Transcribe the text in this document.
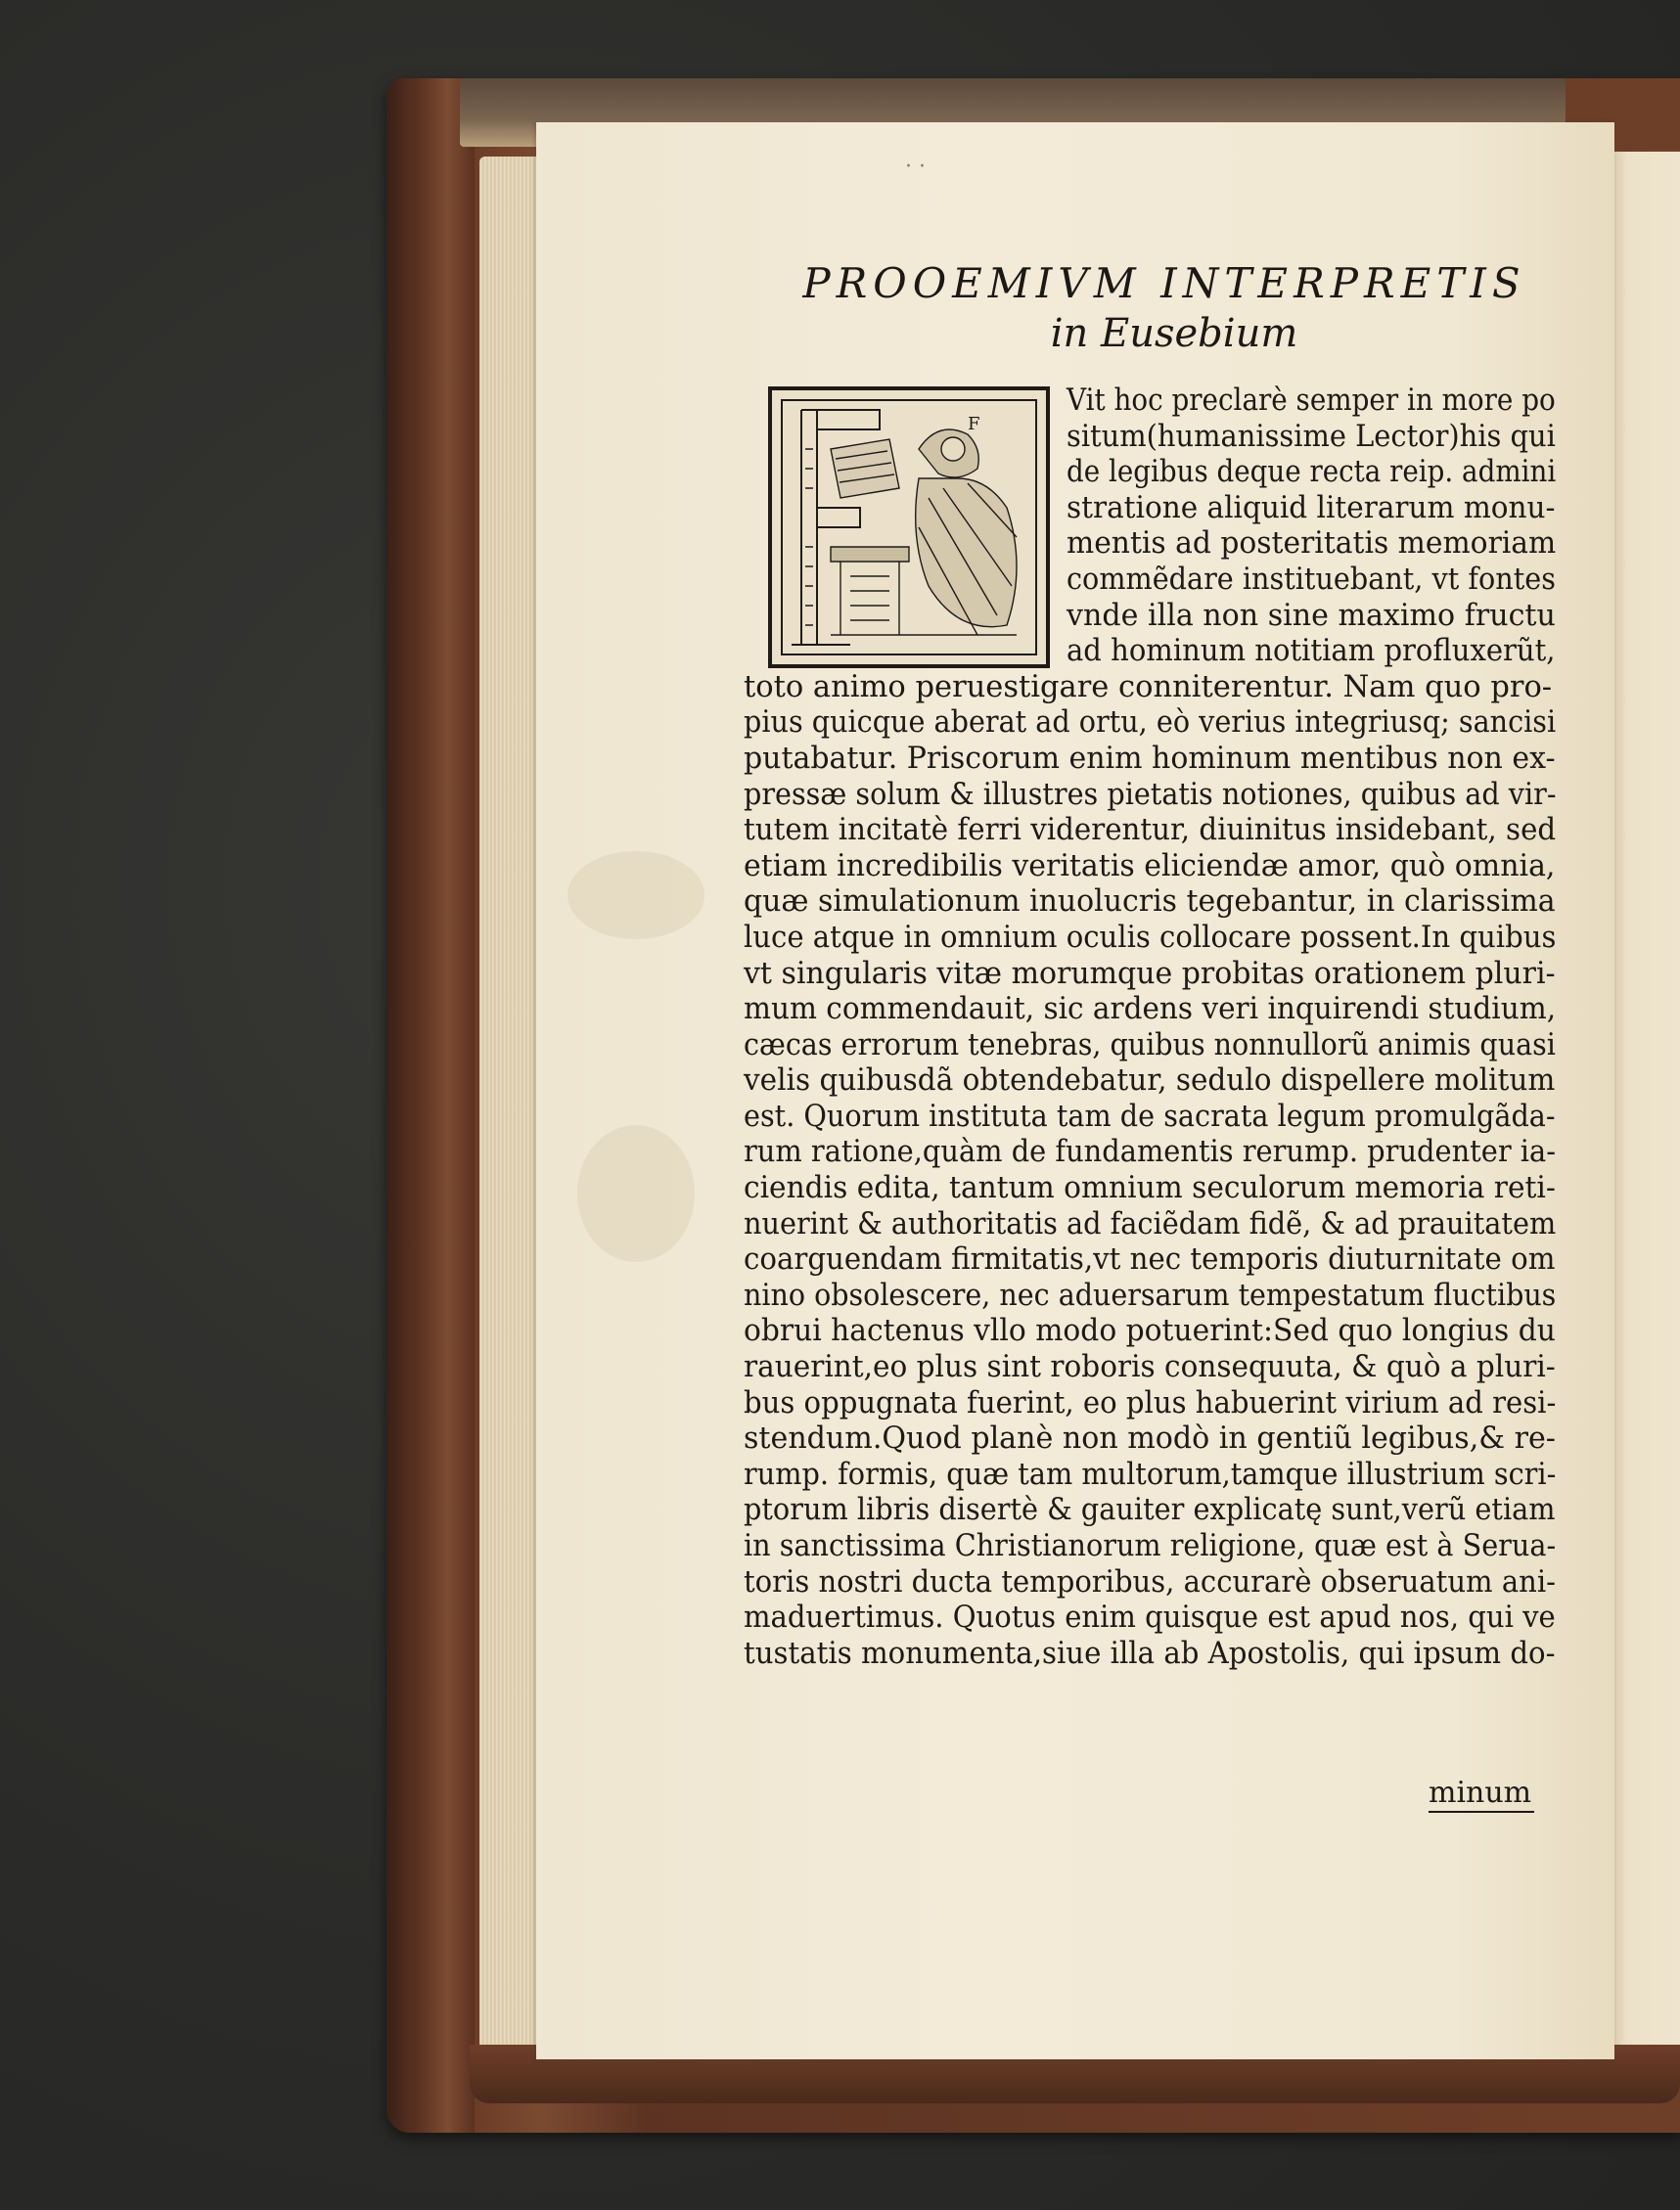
· ·
PROOEMIVM INTERPRETIS
in Eusebium
F
Vit hoc preclarè semper in more po
situm(humanissime Lector)his qui
de legibus deque recta reip. admini
stratione aliquid literarum monu-
mentis ad posteritatis memoriam
commẽdare instituebant, vt fontes
vnde illa non sine maximo fructu
ad hominum notitiam profluxerũt,
toto animo peruestigare conniterentur. Nam quo pro-
pius quicque aberat ad ortu, eò verius integriusq; sancisi
putabatur. Priscorum enim hominum mentibus non ex-
pressæ solum & illustres pietatis notiones, quibus ad vir-
tutem incitatè ferri viderentur, diuinitus insidebant, sed
etiam incredibilis veritatis eliciendæ amor, quò omnia,
quæ simulationum inuolucris tegebantur, in clarissima
luce atque in omnium oculis collocare possent.In quibus
vt singularis vitæ morumque probitas orationem pluri-
mum commendauit, sic ardens veri inquirendi studium,
cæcas errorum tenebras, quibus nonnullorũ animis quasi
velis quibusdã obtendebatur, sedulo dispellere molitum
est. Quorum instituta tam de sacrata legum promulgãda-
rum ratione,quàm de fundamentis rerump. prudenter ia-
ciendis edita, tantum omnium seculorum memoria reti-
nuerint & authoritatis ad faciẽdam fidẽ, & ad prauitatem
coarguendam firmitatis,vt nec temporis diuturnitate om
nino obsolescere, nec aduersarum tempestatum fluctibus
obrui hactenus vllo modo potuerint:Sed quo longius du
rauerint,eo plus sint roboris consequuta, & quò a pluri-
bus oppugnata fuerint, eo plus habuerint virium ad resi-
stendum.Quod planè non modò in gentiũ legibus,& re-
rump. formis, quæ tam multorum,tamque illustrium scri-
ptorum libris disertè & gauiter explicatę sunt,verũ etiam
in sanctissima Christianorum religione, quæ est à Serua-
toris nostri ducta temporibus, accurarè obseruatum ani-
maduertimus. Quotus enim quisque est apud nos, qui ve
tustatis monumenta,siue illa ab Apostolis, qui ipsum do-
minum
